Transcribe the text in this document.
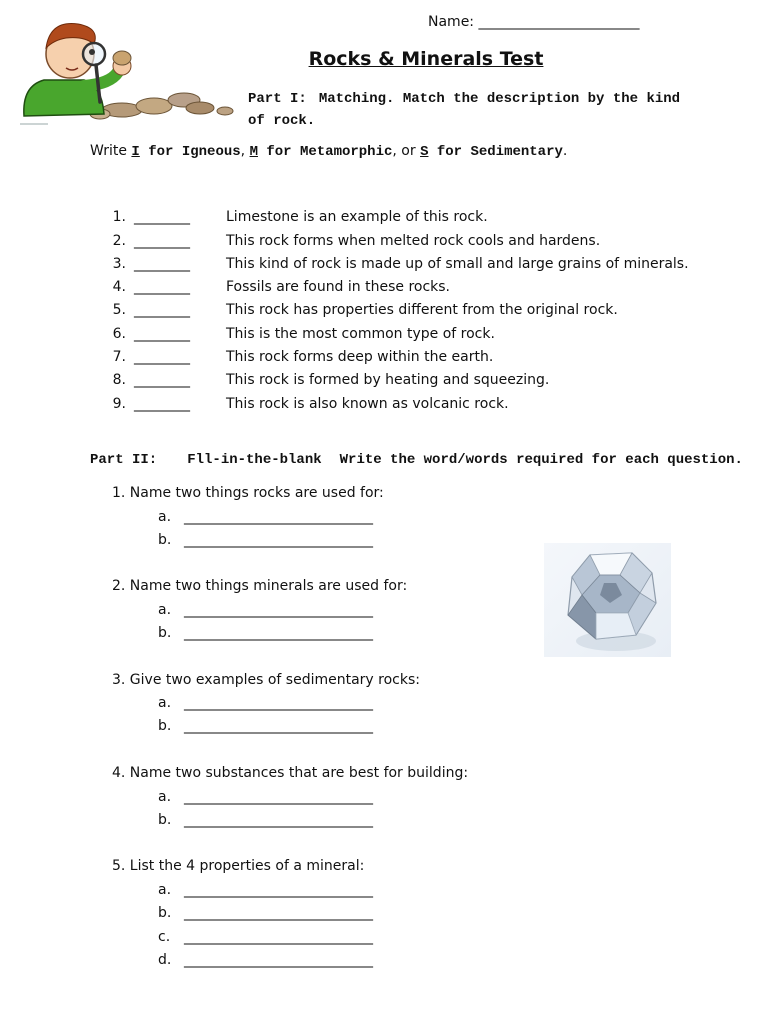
Name: _______________________
Rocks & Minerals Test
Part I: Matching. Match the description by the kind of rock.
Write I for Igneous, M for Metamorphic, or S for Sedimentary.
1. ________	Limestone is an example of this rock.
2. ________	This rock forms when melted rock cools and hardens.
3. ________	This kind of rock is made up of small and large grains of minerals.
4. ________	Fossils are found in these rocks.
5. ________	This rock has properties different from the original rock.
6. ________	This is the most common type of rock.
7. ________	This rock forms deep within the earth.
8. ________	This rock is formed by heating and squeezing.
9. ________	This rock is also known as volcanic rock.
Part II: Fll-in-the-blank Write the word/words required for each question.
1. Name two things rocks are used for:
a. ___________________________
b. ___________________________
2. Name two things minerals are used for:
a. ___________________________
b. ___________________________
3. Give two examples of sedimentary rocks:
a. ___________________________
b. ___________________________
4. Name two substances that are best for building:
a. ___________________________
b. ___________________________
5. List the 4 properties of a mineral:
a. ___________________________
b. ___________________________
c. ___________________________
d. ___________________________
